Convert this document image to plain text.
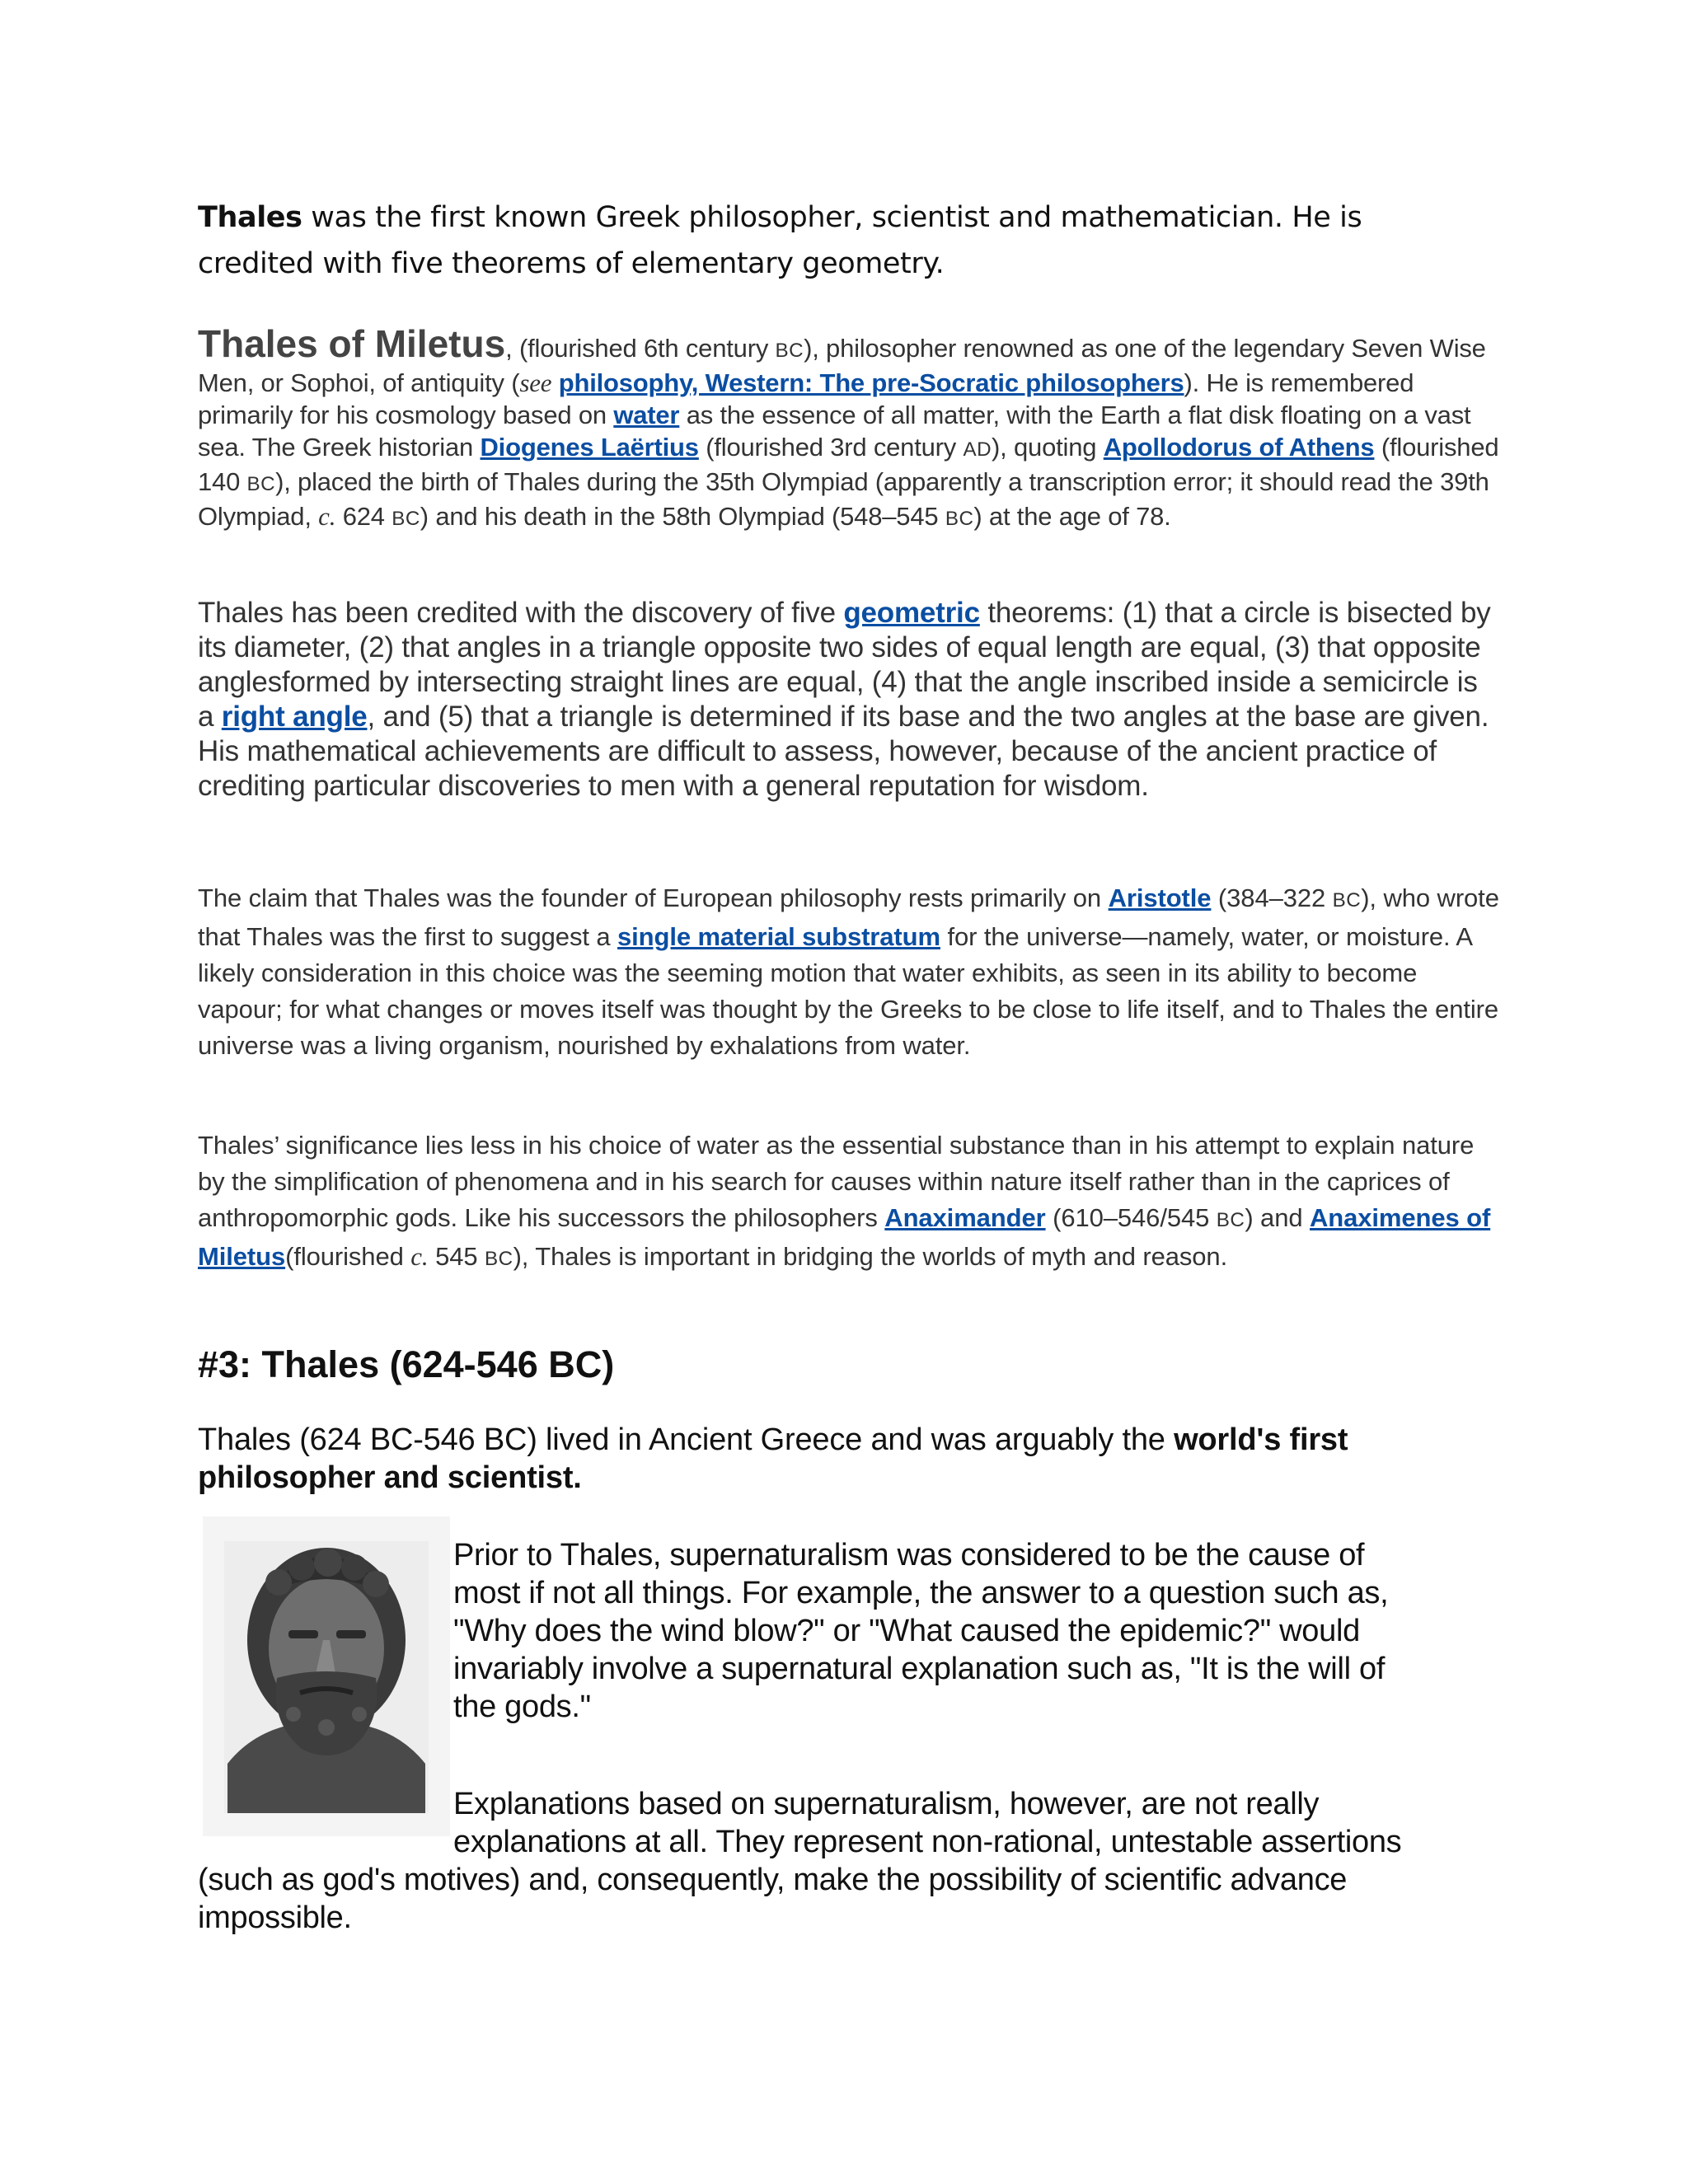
Thales was the first known Greek philosopher, scientist and mathematician. He is
credited with five theorems of elementary geometry.

Thales of Miletus, (flourished 6th century BC), philosopher renowned as one of the legendary Seven Wise Men, or Sophoi, of antiquity (see philosophy, Western: The pre-Socratic philosophers). He is remembered primarily for his cosmology based on water as the essence of all matter, with the Earth a flat disk floating on a vast sea. The Greek historian Diogenes Laërtius (flourished 3rd century AD), quoting Apollodorus of Athens (flourished 140 BC), placed the birth of Thales during the 35th Olympiad (apparently a transcription error; it should read the 39th Olympiad, c. 624 BC) and his death in the 58th Olympiad (548–545 BC) at the age of 78.

Thales has been credited with the discovery of five geometric theorems: (1) that a circle is bisected by its diameter, (2) that angles in a triangle opposite two sides of equal length are equal, (3) that opposite anglesformed by intersecting straight lines are equal, (4) that the angle inscribed inside a semicircle is a right angle, and (5) that a triangle is determined if its base and the two angles at the base are given. His mathematical achievements are difficult to assess, however, because of the ancient practice of crediting particular discoveries to men with a general reputation for wisdom.

The claim that Thales was the founder of European philosophy rests primarily on Aristotle (384–322 BC), who wrote that Thales was the first to suggest a single material substratum for the universe—namely, water, or moisture. A likely consideration in this choice was the seeming motion that water exhibits, as seen in its ability to become vapour; for what changes or moves itself was thought by the Greeks to be close to life itself, and to Thales the entire universe was a living organism, nourished by exhalations from water.

Thales’ significance lies less in his choice of water as the essential substance than in his attempt to explain nature by the simplification of phenomena and in his search for causes within nature itself rather than in the caprices of anthropomorphic gods. Like his successors the philosophers Anaximander (610–546/545 BC) and Anaximenes of Miletus(flourished c. 545 BC), Thales is important in bridging the worlds of myth and reason.

#3: Thales (624-546 BC)

Thales (624 BC-546 BC) lived in Ancient Greece and was arguably the world's first philosopher and scientist.

Prior to Thales, supernaturalism was considered to be the cause of
most if not all things. For example, the answer to a question such as,
"Why does the wind blow?" or "What caused the epidemic?" would
invariably involve a supernatural explanation such as, "It is the will of
the gods."

Explanations based on supernaturalism, however, are not really
explanations at all. They represent non-rational, untestable assertions

(such as god's motives) and, consequently, make the possibility of scientific advance
impossible.
